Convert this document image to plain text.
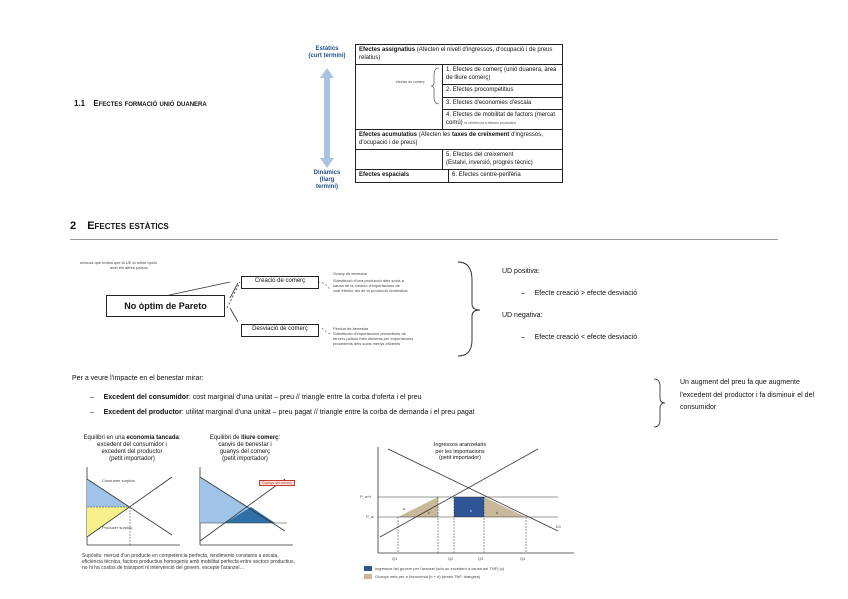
1.1 Efectes formació unió duanera
Estàtics
(curt termini)
Dinàmics
(llarg
termini)
Efectes assignatius (Afecten el nivell d'ingressos, d'ocupació i de preus relatius)
efectes de comerç
1. Efectes de comerç (unió duanera, àrea de lliure comerç)
2. Efectes procompetitius
3. Efectes d'economies d'escala
4. Efectes de mobilitat de factors (mercat comú) fa referència a efectes productius
Efectes acumulatius (Afecten les taxes de creixement d'ingressos, d'ocupació i de preus)
5. Efectes del creixement
(Estalvi, inversió, progrés tècnic)
Efectes espacials	6. Efectes centre-perifèria
2 Efectes estàtics
mesura que indica que la UE la millor opció
amb els altres països
No òptim de Pareto
Creació de comerç
Desviació de comerç
Guany de benestar
Substitució d'una producció dels socis a
causa de la creació d'importacions de
cost inferior als de la producció domèstica
Pèrdua de benestar
Substitució d'importacions procedents de
tercers països més eficients per importacions
procedents dels socis menys eficients
UD positiva:
–     Efecte creació > efecte desviació
UD negativa:
–     Efecte creació < efecte desviació
Per a veure l'impacte en el benestar mirar:
–     Excedent del consumidor: cost marginal d'una unitat – preu // triangle entre la corba d'oferta i el preu
–     Excedent del productor: utilitat marginal d'una unitat – preu pagat // triangle entre la corba de demanda i el preu pagat
Un augment del preu fa que augmente l'excedent del productor i fa disminuir el del consumidor
Equilibri en una economia tancada:
excedent del consumidor i
excedent del productor
(petit importador)
Consumer surplus
Producer surplus
Equilibri de lliure comerç:
canvis de benestar i
guanys del comerç
(petit importador)
Guanys del comerç
Supòsits: mercat d'un producte en competència perfecta, rendiments constants a escala, eficiència tècnica, factors productius homogenis amb mobilitat perfecta entre sectors productius, no hi ha costos de transport ni intervenció del govern, excepte l'aranzel…
Ingressos aranzelaris
per les importacions
(petit importador)
P_w+t
P_w
a
b	c	d
Q1	Q2	Q3	Q4
D1
Ingressos del govern per l'aranzel (són un excedent a causa del TNF) (c)
Guanys nets per a l'economia (b + d) (àrees TNF, triangles)
